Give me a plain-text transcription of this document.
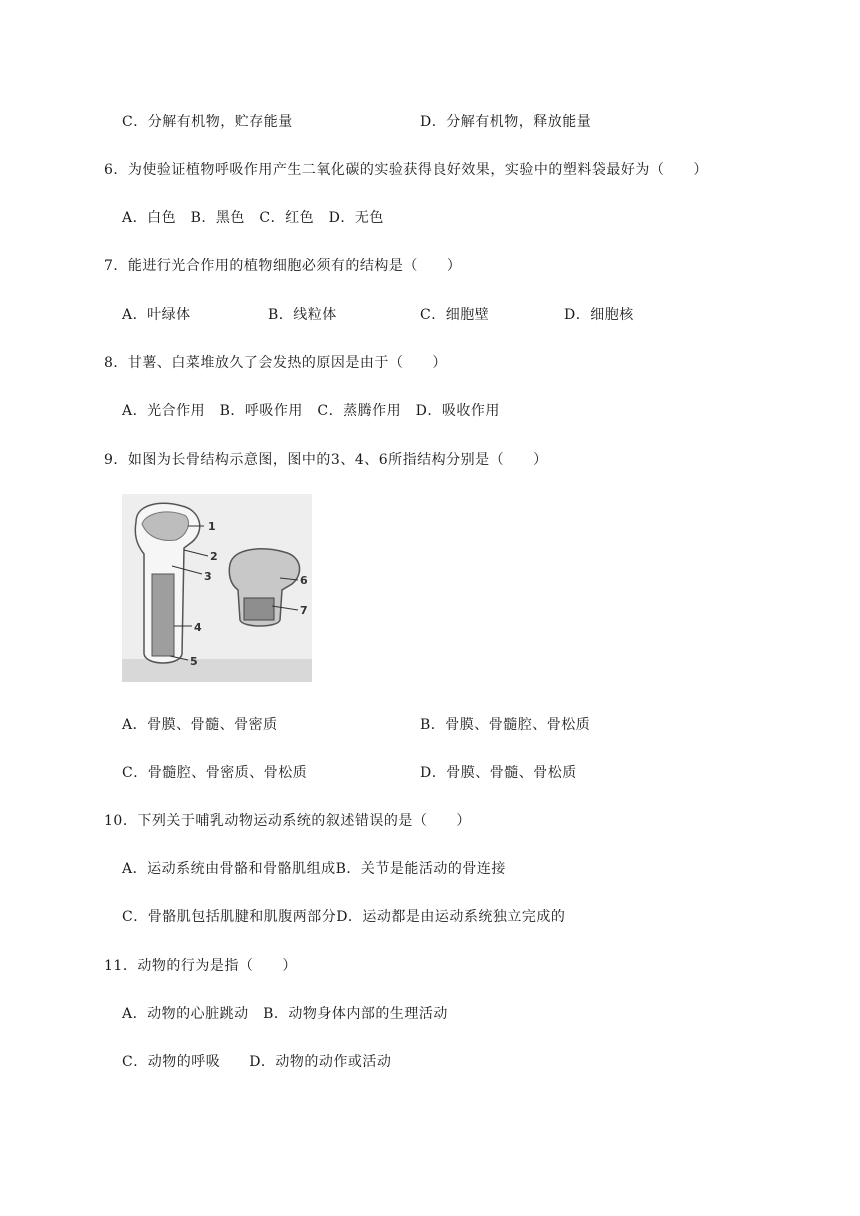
C．分解有机物，贮存能量	D．分解有机物，释放能量
6．为使验证植物呼吸作用产生二氧化碳的实验获得良好效果，实验中的塑料袋最好为（　　）
A．白色　B．黑色　C．红色　D．无色
7．能进行光合作用的植物细胞必须有的结构是（　　）
A．叶绿体	B．线粒体	C．细胞壁	D．细胞核
8．甘薯、白菜堆放久了会发热的原因是由于（　　）
A．光合作用　B．呼吸作用　C．蒸腾作用　D．吸收作用
9．如图为长骨结构示意图，图中的3、4、6所指结构分别是（　　）
1
2
3
4
5
6
7
A．骨膜、骨髓、骨密质	B．骨膜、骨髓腔、骨松质
C．骨髓腔、骨密质、骨松质	D．骨膜、骨髓、骨松质
10．下列关于哺乳动物运动系统的叙述错误的是（　　）
A．运动系统由骨骼和骨骼肌组成B．关节是能活动的骨连接
C．骨骼肌包括肌腱和肌腹两部分D．运动都是由运动系统独立完成的
11．动物的行为是指（　　）
A．动物的心脏跳动　B．动物身体内部的生理活动
C．动物的呼吸　　D．动物的动作或活动
